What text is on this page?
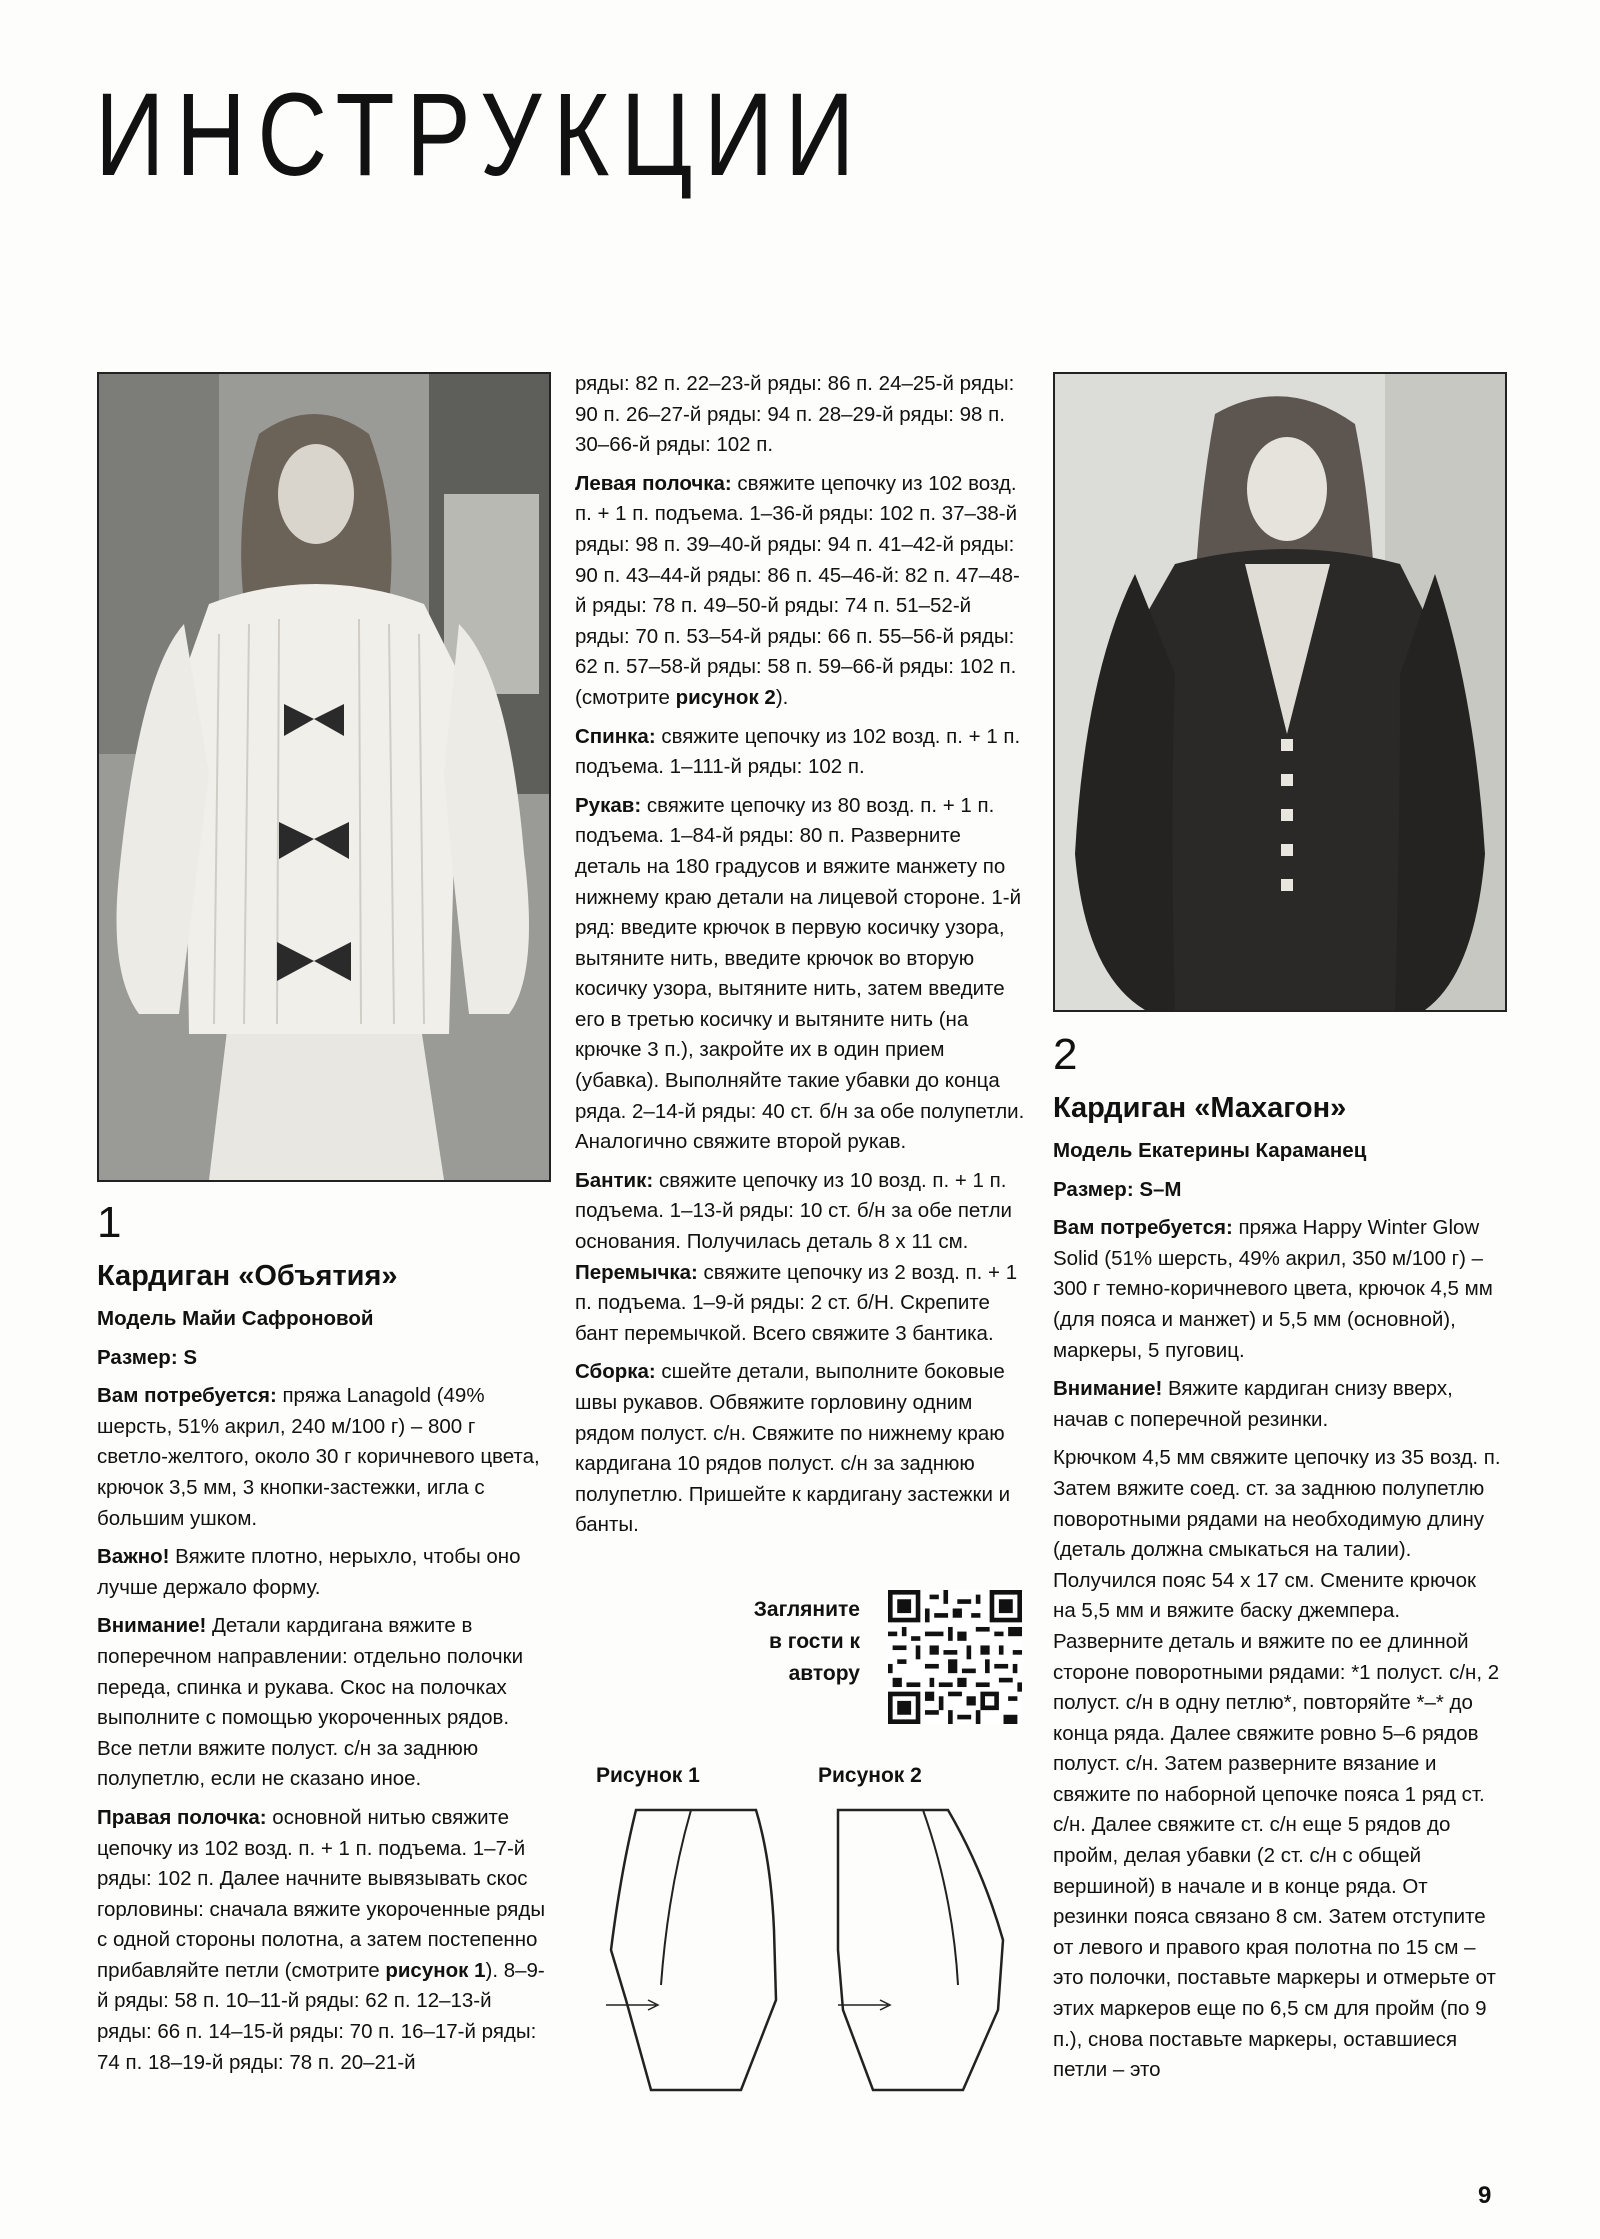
ИНСТРУКЦИИ

1

Кардиган «Объятия»

Модель Майи Сафроновой

Размер: S

Вам потребуется: пряжа Lanagold (49% шерсть, 51% акрил, 240 м/100 г) – 800 г светло-желтого, около 30 г коричневого цвета, крючок 3,5 мм, 3 кнопки-застежки, игла с большим ушком.

Важно! Вяжите плотно, нерыхло, чтобы оно лучше держало форму.

Внимание! Детали кардигана вяжите в поперечном направлении: отдельно полочки переда, спинка и рукава. Скос на полочках выполните с помощью укороченных рядов. Все петли вяжите полуст. с/н за заднюю полупетлю, если не сказано иное.

Правая полочка: основной нитью свяжите цепочку из 102 возд. п. + 1 п. подъема. 1–7-й ряды: 102 п. Далее начните вывязывать скос горловины: сначала вяжите укороченные ряды с одной стороны полотна, а затем постепенно прибавляйте петли (смотрите рисунок 1). 8–9-й ряды: 58 п. 10–11-й ряды: 62 п. 12–13-й ряды: 66 п. 14–15-й ряды: 70 п. 16–17-й ряды: 74 п. 18–19-й ряды: 78 п. 20–21-й

ряды: 82 п. 22–23-й ряды: 86 п. 24–25-й ряды: 90 п. 26–27-й ряды: 94 п. 28–29-й ряды: 98 п. 30–66-й ряды: 102 п.

Левая полочка: свяжите цепочку из 102 возд. п. + 1 п. подъема. 1–36-й ряды: 102 п. 37–38-й ряды: 98 п. 39–40-й ряды: 94 п. 41–42-й ряды: 90 п. 43–44-й ряды: 86 п. 45–46-й: 82 п. 47–48-й ряды: 78 п. 49–50-й ряды: 74 п. 51–52-й ряды: 70 п. 53–54-й ряды: 66 п. 55–56-й ряды: 62 п. 57–58-й ряды: 58 п. 59–66-й ряды: 102 п. (смотрите рисунок 2).

Спинка: свяжите цепочку из 102 возд. п. + 1 п. подъема. 1–111-й ряды: 102 п.

Рукав: свяжите цепочку из 80 возд. п. + 1 п. подъема. 1–84-й ряды: 80 п. Разверните деталь на 180 градусов и вяжите манжету по нижнему краю детали на лицевой стороне. 1-й ряд: введите крючок в первую косичку узора, вытяните нить, введите крючок во вторую косичку узора, вытяните нить, затем введите его в третью косичку и вытяните нить (на крючке 3 п.), закройте их в один прием (убавка). Выполняйте такие убавки до конца ряда. 2–14-й ряды: 40 ст. б/н за обе полупетли. Аналогично свяжите второй рукав.

Бантик: свяжите цепочку из 10 возд. п. + 1 п. подъема. 1–13-й ряды: 10 ст. б/н за обе петли основания. Получилась деталь 8 х 11 см.

Перемычка: свяжите цепочку из 2 возд. п. + 1 п. подъема. 1–9-й ряды: 2 ст. б/Н. Скрепите бант перемычкой. Всего свяжите 3 бантика.

Сборка: сшейте детали, выполните боковые швы рукавов. Обвяжите горловину одним рядом полуст. с/н. Свяжите по нижнему краю кардигана 10 рядов полуст. с/н за заднюю полупетлю. Пришейте к кардигану застежки и банты.

Загляните в гости к автору
Рисунок 1	Рисунок 2

2

Кардиган «Махагон»

Модель Екатерины Караманец

Размер: S–M

Вам потребуется: пряжа Happy Winter Glow Solid (51% шерсть, 49% акрил, 350 м/100 г) – 300 г темно-коричневого цвета, крючок 4,5 мм (для пояса и манжет) и 5,5 мм (основной), маркеры, 5 пуговиц.

Внимание! Вяжите кардиган снизу вверх, начав с поперечной резинки.

Крючком 4,5 мм свяжите цепочку из 35 возд. п. Затем вяжите соед. ст. за заднюю полупетлю поворотными рядами на необходимую длину (деталь должна смыкаться на талии). Получился пояс 54 х 17 см. Смените крючок на 5,5 мм и вяжите баску джемпера. Разверните деталь и вяжите по ее длинной стороне поворотными рядами: *1 полуст. с/н, 2 полуст. с/н в одну петлю*, повторяйте *–* до конца ряда. Далее свяжите ровно 5–6 рядов полуст. с/н. Затем разверните вязание и свяжите по наборной цепочке пояса 1 ряд ст. с/н. Далее свяжите ст. с/н еще 5 рядов до пройм, делая убавки (2 ст. с/н с общей вершиной) в начале и в конце ряда. От резинки пояса связано 8 см. Затем отступите от левого и правого края полотна по 15 см – это полочки, поставьте маркеры и отмерьте от этих маркеров еще по 6,5 см для пройм (по 9 п.), снова поставьте маркеры, оставшиеся петли – это

9
